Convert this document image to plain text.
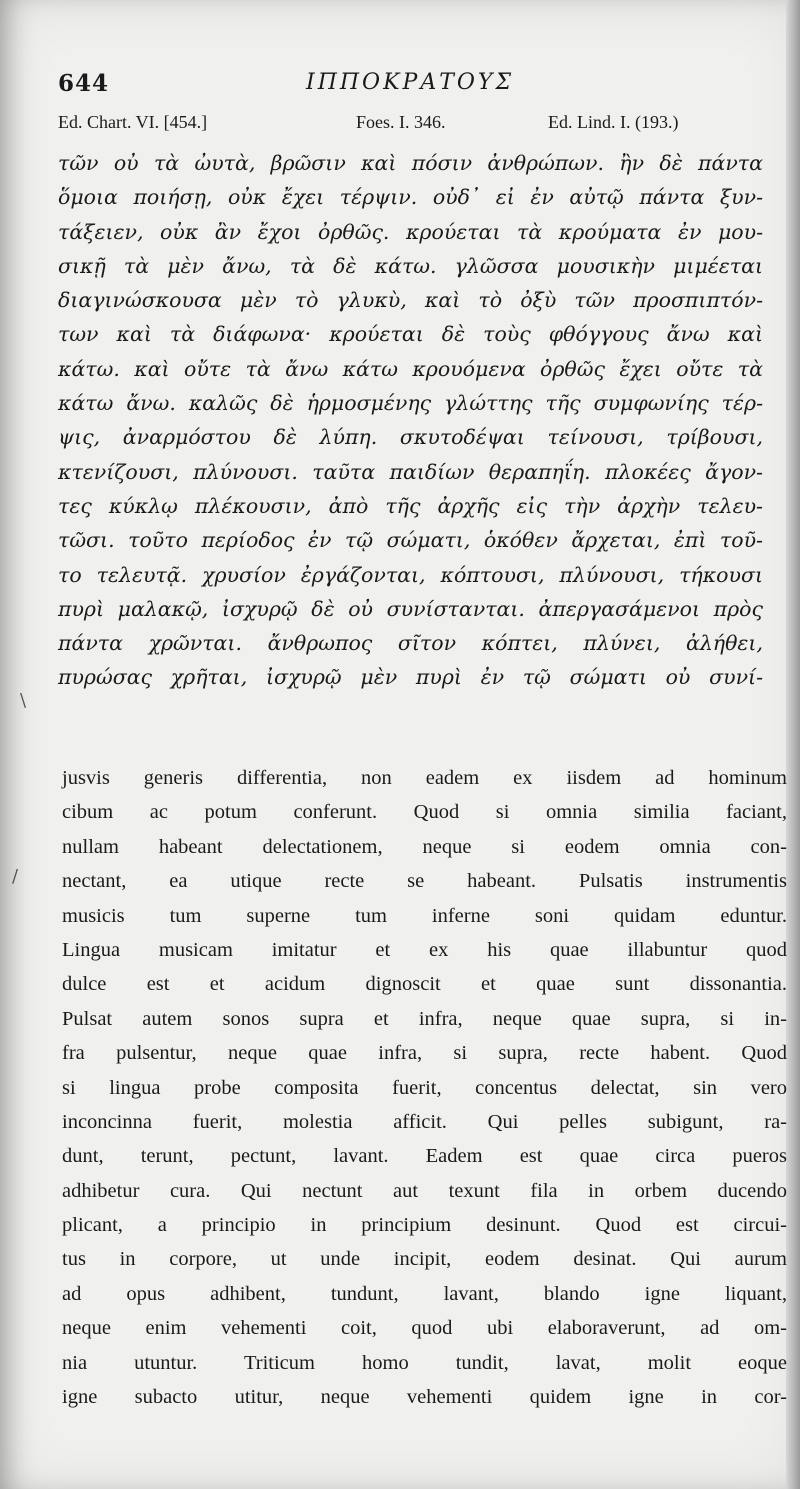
644	ΙΠΠΟΚΡΑΤΟΥΣ
Ed. Chart. VI. [454.]	Foes. I. 346.	Ed. Lind. I. (193.)
τῶν οὐ τὰ ὠυτὰ, βρῶσιν καὶ πόσιν ἀνθρώπων. ἢν δὲ πάντα
ὅμοια ποιήσῃ, οὐκ ἔχει τέρψιν. οὐδ᾽ εἰ ἐν αὐτῷ πάντα ξυν-
τάξειεν, οὐκ ἂν ἔχοι ὀρθῶς. κρούεται τὰ κρούματα ἐν μου-
σικῇ τὰ μὲν ἄνω, τὰ δὲ κάτω. γλῶσσα μουσικὴν μιμέεται
διαγινώσκουσα μὲν τὸ γλυκὺ, καὶ τὸ ὀξὺ τῶν προσπιπτόν-
των καὶ τὰ διάφωνα· κρούεται δὲ τοὺς φθόγγους ἄνω καὶ
κάτω. καὶ οὔτε τὰ ἄνω κάτω κρουόμενα ὀρθῶς ἔχει οὔτε τὰ
κάτω ἄνω. καλῶς δὲ ἡρμοσμένης γλώττης τῆς συμφωνίης τέρ-
ψις, ἀναρμόστου δὲ λύπη. σκυτοδέψαι τείνουσι, τρίβουσι,
κτενίζουσι, πλύνουσι. ταῦτα παιδίων θεραπηΐη. πλοκέες ἄγον-
τες κύκλῳ πλέκουσιν, ἀπὸ τῆς ἀρχῆς εἰς τὴν ἀρχὴν τελευ-
τῶσι. τοῦτο περίοδος ἐν τῷ σώματι, ὁκόθεν ἄρχεται, ἐπὶ τοῦ-
το τελευτᾷ. χρυσίον ἐργάζονται, κόπτουσι, πλύνουσι, τήκουσι
πυρὶ μαλακῷ, ἰσχυρῷ δὲ οὐ συνίστανται. ἀπεργασάμενοι πρὸς
πάντα χρῶνται. ἄνθρωπος σῖτον κόπτει, πλύνει, ἀλήθει,
πυρώσας χρῆται, ἰσχυρῷ μὲν πυρὶ ἐν τῷ σώματι οὐ συνί-
jusvis generis differentia, non eadem ex iisdem ad hominum
cibum ac potum conferunt. Quod si omnia similia faciant,
nullam habeant delectationem, neque si eodem omnia con-
nectant, ea utique recte se habeant. Pulsatis instrumentis
musicis tum superne tum inferne soni quidam eduntur.
Lingua musicam imitatur et ex his quae illabuntur quod
dulce est et acidum dignoscit et quae sunt dissonantia.
Pulsat autem sonos supra et infra, neque quae supra, si in-
fra pulsentur, neque quae infra, si supra, recte habent. Quod
si lingua probe composita fuerit, concentus delectat, sin vero
inconcinna fuerit, molestia afficit. Qui pelles subigunt, ra-
dunt, terunt, pectunt, lavant. Eadem est quae circa pueros
adhibetur cura. Qui nectunt aut texunt fila in orbem ducendo
plicant, a principio in principium desinunt. Quod est circui-
tus in corpore, ut unde incipit, eodem desinat. Qui aurum
ad opus adhibent, tundunt, lavant, blando igne liquant,
neque enim vehementi coit, quod ubi elaboraverunt, ad om-
nia utuntur. Triticum homo tundit, lavat, molit eoque
igne subacto utitur, neque vehementi quidem igne in cor-
\
/
